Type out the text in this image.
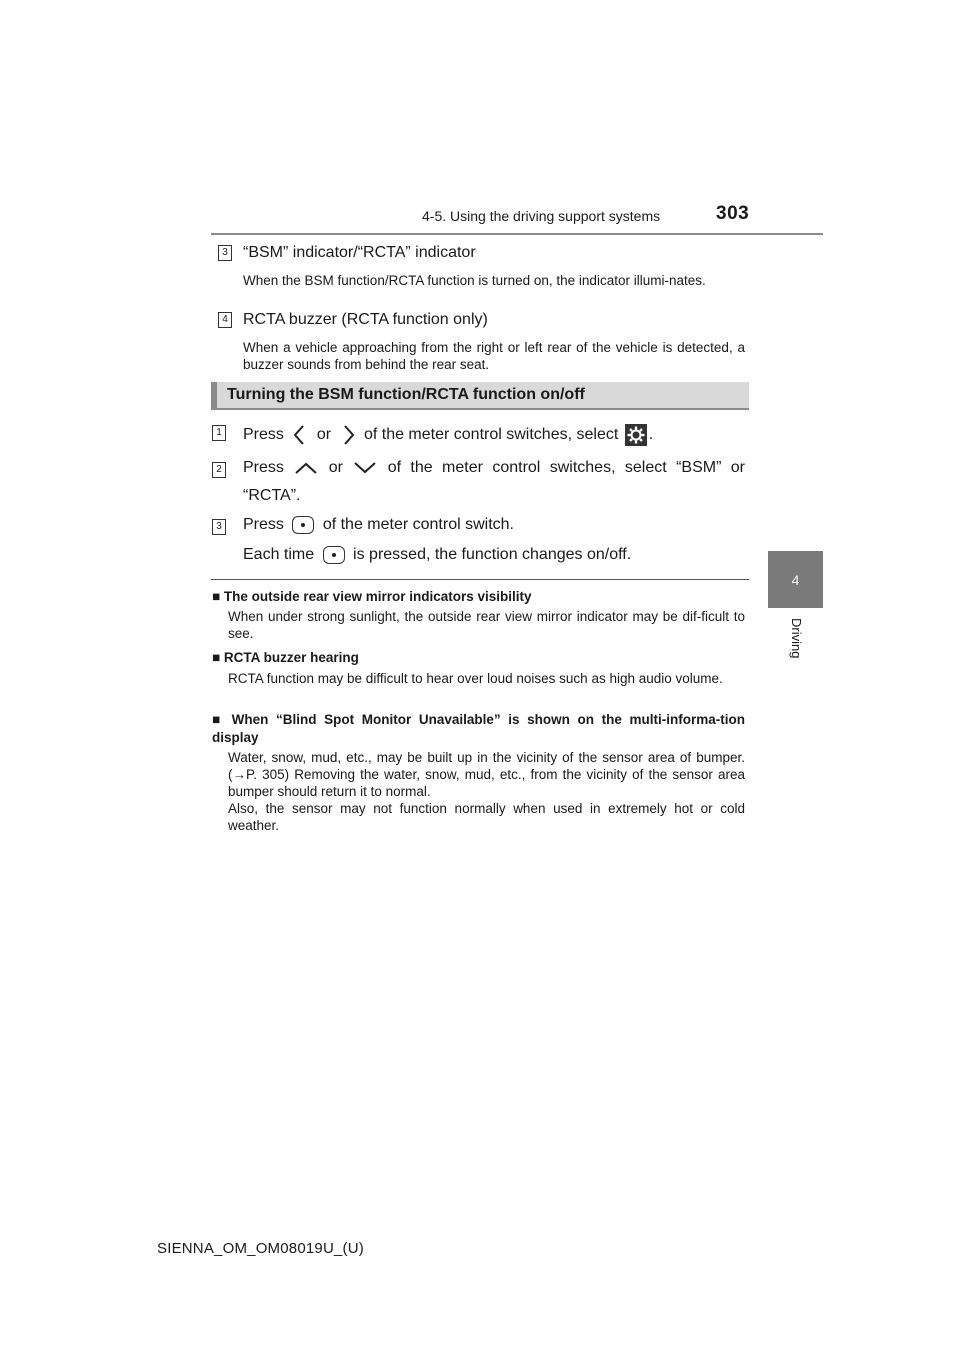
4-5. Using the driving support systems	303
4
Driving
3 “BSM” indicator/“RCTA” indicator
When the BSM function/RCTA function is turned on, the indicator illumi-nates.
4 RCTA buzzer (RCTA function only)
When a vehicle approaching from the right or left rear of the vehicle is detected, a buzzer sounds from behind the rear seat.
Turning the BSM function/RCTA function on/off
1 Press or of the meter control switches, select .
2 Press	or	of the meter control switches, select “BSM” or “RCTA”.
3 Press of the meter control switch.
Each time is pressed, the function changes on/off.
■ The outside rear view mirror indicators visibility
When under strong sunlight, the outside rear view mirror indicator may be dif-ficult to see.
■ RCTA buzzer hearing
RCTA function may be difficult to hear over loud noises such as high audio volume.
■ When “Blind Spot Monitor Unavailable” is shown on the multi-informa-tion display
Water, snow, mud, etc., may be built up in the vicinity of the sensor area of bumper. (→P. 305) Removing the water, snow, mud, etc., from the vicinity of the sensor area bumper should return it to normal.
Also, the sensor may not function normally when used in extremely hot or cold weather.
SIENNA_OM_OM08019U_(U)
